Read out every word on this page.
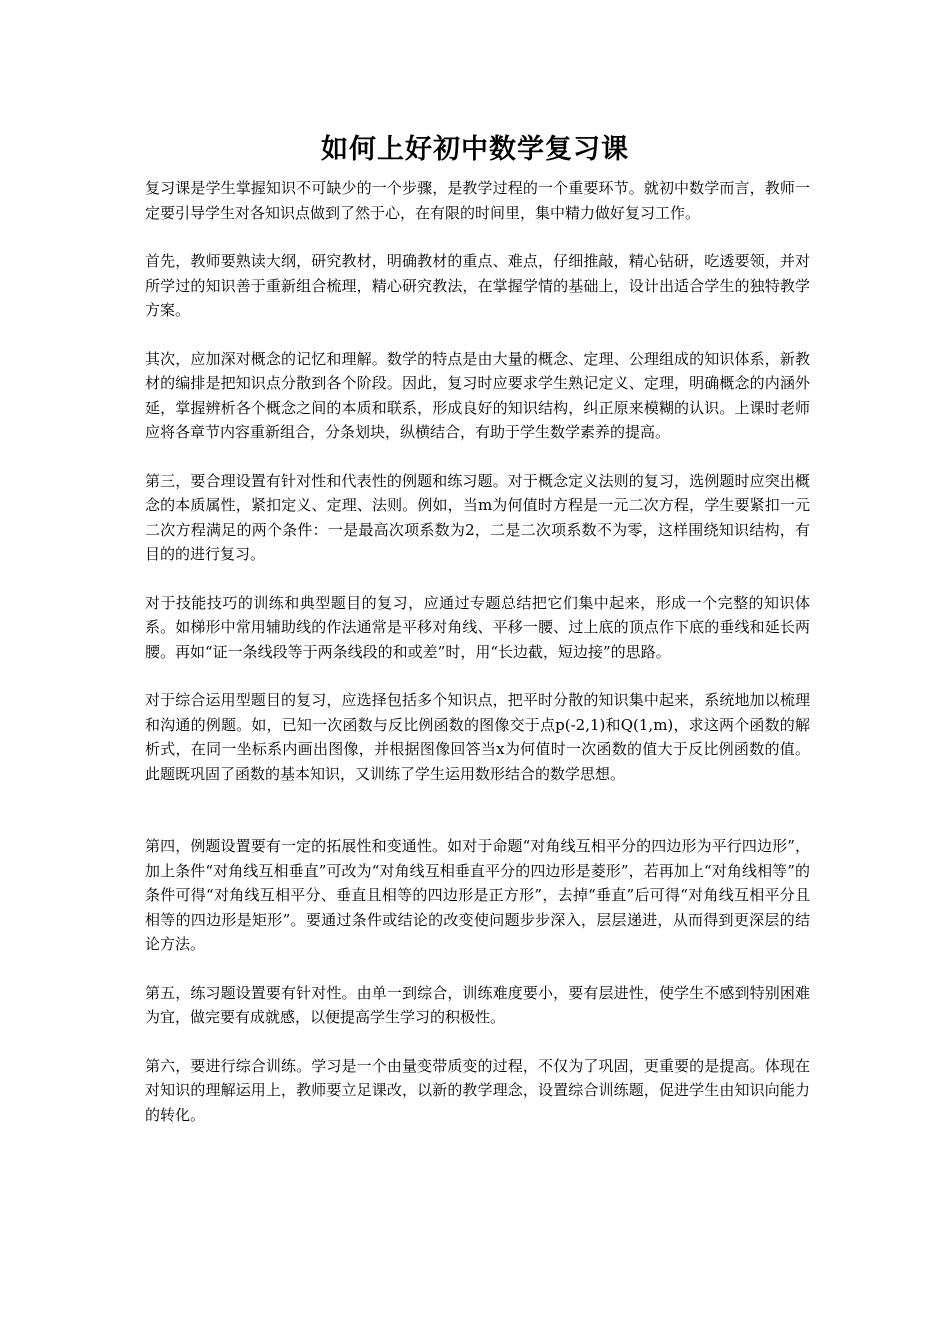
如何上好初中数学复习课

复习课是学生掌握知识不可缺少的一个步骤，是教学过程的一个重要环节。就初中数学而言，教师一定要引导学生对各知识点做到了然于心，在有限的时间里，集中精力做好复习工作。

首先，教师要熟读大纲，研究教材，明确教材的重点、难点，仔细推敲，精心钻研，吃透要领，并对所学过的知识善于重新组合梳理，精心研究教法，在掌握学情的基础上，设计出适合学生的独特教学方案。

其次，应加深对概念的记忆和理解。数学的特点是由大量的概念、定理、公理组成的知识体系，新教材的编排是把知识点分散到各个阶段。因此，复习时应要求学生熟记定义、定理，明确概念的内涵外延，掌握辨析各个概念之间的本质和联系，形成良好的知识结构，纠正原来模糊的认识。上课时老师应将各章节内容重新组合，分条划块，纵横结合，有助于学生数学素养的提高。

第三，要合理设置有针对性和代表性的例题和练习题。对于概念定义法则的复习，选例题时应突出概念的本质属性，紧扣定义、定理、法则。例如，当m为何值时方程是一元二次方程，学生要紧扣一元二次方程满足的两个条件：一是最高次项系数为2，二是二次项系数不为零，这样围绕知识结构，有目的的进行复习。

对于技能技巧的训练和典型题目的复习，应通过专题总结把它们集中起来，形成一个完整的知识体系。如梯形中常用辅助线的作法通常是平移对角线、平移一腰、过上底的顶点作下底的垂线和延长两腰。再如“证一条线段等于两条线段的和或差”时，用“长边截，短边接”的思路。

对于综合运用型题目的复习，应选择包括多个知识点，把平时分散的知识集中起来，系统地加以梳理和沟通的例题。如，已知一次函数与反比例函数的图像交于点p(-2,1)和Q(1,m)，求这两个函数的解析式，在同一坐标系内画出图像，并根据图像回答当x为何值时一次函数的值大于反比例函数的值。此题既巩固了函数的基本知识，又训练了学生运用数形结合的数学思想。

第四，例题设置要有一定的拓展性和变通性。如对于命题“对角线互相平分的四边形为平行四边形”，加上条件“对角线互相垂直”可改为“对角线互相垂直平分的四边形是菱形”，若再加上“对角线相等”的条件可得“对角线互相平分、垂直且相等的四边形是正方形”，去掉“垂直”后可得“对角线互相平分且相等的四边形是矩形”。要通过条件或结论的改变使问题步步深入，层层递进，从而得到更深层的结论方法。

第五，练习题设置要有针对性。由单一到综合，训练难度要小，要有层进性，使学生不感到特别困难为宜，做完要有成就感，以便提高学生学习的积极性。

第六，要进行综合训练。学习是一个由量变带质变的过程，不仅为了巩固，更重要的是提高。体现在对知识的理解运用上，教师要立足课改，以新的教学理念，设置综合训练题，促进学生由知识向能力的转化。
